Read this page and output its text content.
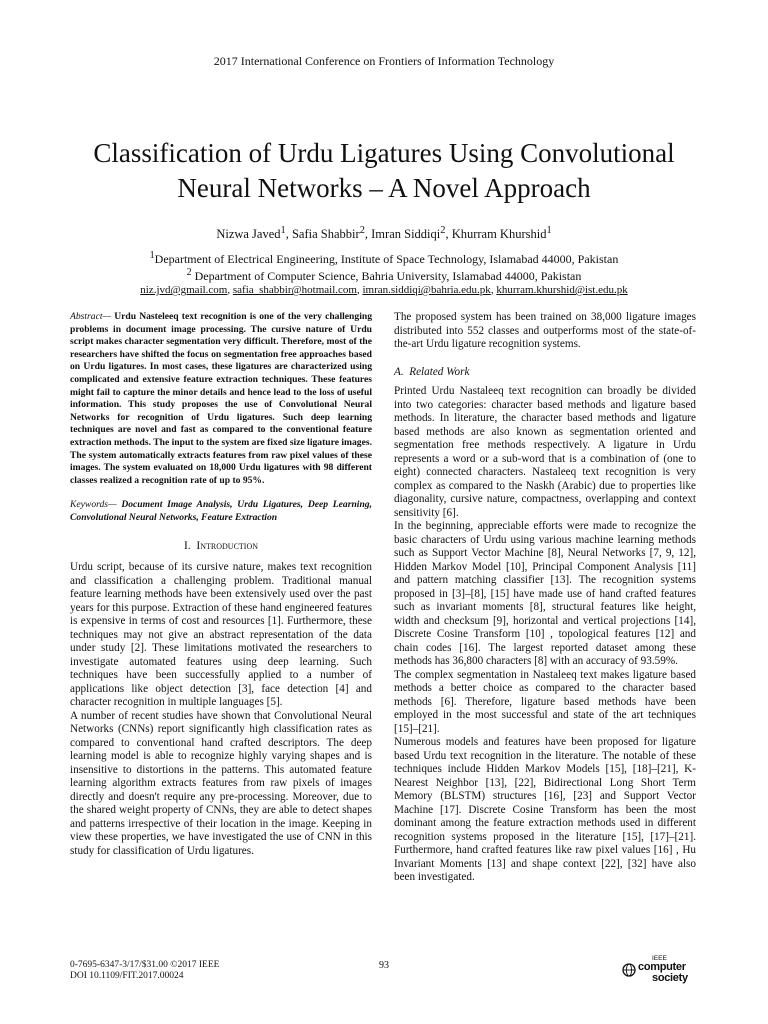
2017 International Conference on Frontiers of Information Technology
Classification of Urdu Ligatures Using Convolutional
Neural Networks – A Novel Approach
Nizwa Javed$^1$, Safia Shabbir$^2$, Imran Siddiqi$^2$, Khurram Khurshid$^1$
$^1$Department of Electrical Engineering, Institute of Space Technology, Islamabad 44000, Pakistan
$^2$ Department of Computer Science, Bahria University, Islamabad 44000, Pakistan
niz.jvd@gmail.com, safia_shabbir@hotmail.com, imran.siddiqi@bahria.edu.pk, khurram.khurshid@ist.edu.pk
Abstract— Urdu Nasteleeq text recognition is one of the very challenging problems in document image processing. The cursive nature of Urdu script makes character segmentation very difficult. Therefore, most of the researchers have shifted the focus on segmentation free approaches based on Urdu ligatures. In most cases, these ligatures are characterized using complicated and extensive feature extraction techniques. These features might fail to capture the minor details and hence lead to the loss of useful information. This study proposes the use of Convolutional Neural Networks for recognition of Urdu ligatures. Such deep learning techniques are novel and fast as compared to the conventional feature extraction methods. The input to the system are fixed size ligature images. The system automatically extracts features from raw pixel values of these images. The system evaluated on 18,000 Urdu ligatures with 98 different classes realized a recognition rate of up to 95%.
Keywords— Document Image Analysis, Urdu Ligatures, Deep Learning, Convolutional Neural Networks, Feature Extraction
I. Introduction

Urdu script, because of its cursive nature, makes text recognition and classification a challenging problem. Traditional manual feature learning methods have been extensively used over the past years for this purpose. Extraction of these hand engineered features is expensive in terms of cost and resources [1]. Furthermore, these techniques may not give an abstract representation of the data under study [2]. These limitations motivated the researchers to investigate automated features using deep learning. Such techniques have been successfully applied to a number of applications like object detection [3], face detection [4] and character recognition in multiple languages [5].

A number of recent studies have shown that Convolutional Neural Networks (CNNs) report significantly high classification rates as compared to conventional hand crafted descriptors. The deep learning model is able to recognize highly varying shapes and is insensitive to distortions in the patterns. This automated feature learning algorithm extracts features from raw pixels of images directly and doesn't require any pre-processing. Moreover, due to the shared weight property of CNNs, they are able to detect shapes and patterns irrespective of their location in the image. Keeping in view these properties, we have investigated the use of CNN in this study for classification of Urdu ligatures.

The proposed system has been trained on 38,000 ligature images distributed into 552 classes and outperforms most of the state-of-the-art Urdu ligature recognition systems.

A. Related Work

Printed Urdu Nastaleeq text recognition can broadly be divided into two categories: character based methods and ligature based methods. In literature, the character based methods and ligature based methods are also known as segmentation oriented and segmentation free methods respectively. A ligature in Urdu represents a word or a sub-word that is a combination of (one to eight) connected characters. Nastaleeq text recognition is very complex as compared to the Naskh (Arabic) due to properties like diagonality, cursive nature, compactness, overlapping and context sensitivity [6].

In the beginning, appreciable efforts were made to recognize the basic characters of Urdu using various machine learning methods such as Support Vector Machine [8], Neural Networks [7, 9, 12], Hidden Markov Model [10], Principal Component Analysis [11] and pattern matching classifier [13]. The recognition systems proposed in [3]–[8], [15] have made use of hand crafted features such as invariant moments [8], structural features like height, width and checksum [9], horizontal and vertical projections [14], Discrete Cosine Transform [10] , topological features [12] and chain codes [16]. The largest reported dataset among these methods has 36,800 characters [8] with an accuracy of 93.59%.

The complex segmentation in Nastaleeq text makes ligature based methods a better choice as compared to the character based methods [6]. Therefore, ligature based methods have been employed in the most successful and state of the art techniques [15]–[21].

Numerous models and features have been proposed for ligature based Urdu text recognition in the literature. The notable of these techniques include Hidden Markov Models [15], [18]–[21], K-Nearest Neighbor [13], [22], Bidirectional Long Short Term Memory (BLSTM) structures [16], [23] and Support Vector Machine [17]. Discrete Cosine Transform has been the most dominant among the feature extraction methods used in different recognition systems proposed in the literature [15], [17]–[21]. Furthermore, hand crafted features like raw pixel values [16] , Hu Invariant Moments [13] and shape context [22], [32] have also been investigated.

0-7695-6347-3/17/$31.00 ©2017 IEEE
DOI 10.1109/FIT.2017.00024
93
IEEE
computer
society
